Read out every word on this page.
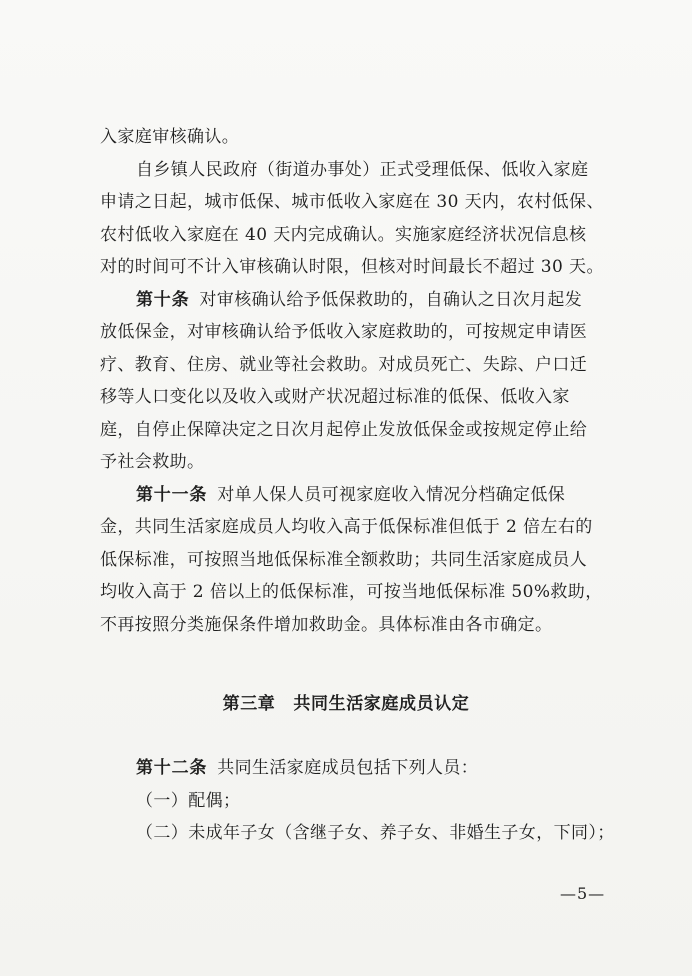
入家庭审核确认。
自乡镇人民政府（街道办事处）正式受理低保、低收入家庭
申请之日起，城市低保、城市低收入家庭在 30 天内，农村低保、
农村低收入家庭在 40 天内完成确认。实施家庭经济状况信息核
对的时间可不计入审核确认时限，但核对时间最长不超过 30 天。
第十条 对审核确认给予低保救助的，自确认之日次月起发
放低保金，对审核确认给予低收入家庭救助的，可按规定申请医
疗、教育、住房、就业等社会救助。对成员死亡、失踪、户口迁
移等人口变化以及收入或财产状况超过标准的低保、低收入家
庭，自停止保障决定之日次月起停止发放低保金或按规定停止给
予社会救助。
第十一条 对单人保人员可视家庭收入情况分档确定低保
金，共同生活家庭成员人均收入高于低保标准但低于 2 倍左右的
低保标准，可按照当地低保标准全额救助；共同生活家庭成员人
均收入高于 2 倍以上的低保标准，可按当地低保标准 50%救助，
不再按照分类施保条件增加救助金。具体标准由各市确定。
第三章 共同生活家庭成员认定
第十二条 共同生活家庭成员包括下列人员：
（一）配偶；
（二）未成年子女（含继子女、养子女、非婚生子女，下同）；
—5—
